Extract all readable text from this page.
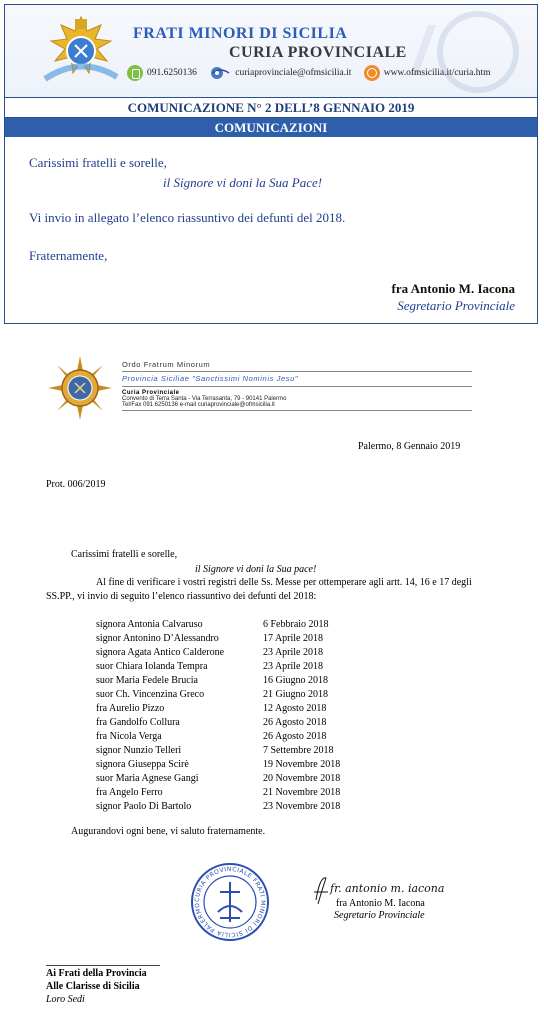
FRATI MINORI DI SICILIA
CURIA PROVINCIALE
091.6250136
	curiaprovinciale@ofmsicilia.it
	www.ofmsicilia.it/curia.htm
COMUNICAZIONE N° 2 DELL’8 GENNAIO 2019
COMUNICAZIONI
Carissimi fratelli e sorelle,
il Signore vi doni la Sua Pace!
Vi invio in allegato l’elenco riassuntivo dei defunti del 2018.
Fraternamente,
fra Antonio M. Iacona
Segretario Provinciale
Ordo Fratrum Minorum
Provincia Siciliae "Sanctissimi Nominis Jesu"
Curia Provinciale
Convento di Terra Santa - Via Terrasanta, 79 - 90141 Palermo
Tel/Fax 091 6250136 e-mail curiaprovinciale@ofmsicilia.it
Palermo, 8 Gennaio 2019
Prot. 006/2019
Carissimi fratelli e sorelle,
il Signore vi doni la Sua pace!
Al fine di verificare i vostri registri delle Ss. Messe per ottemperare agli artt. 14, 16 e 17 degli
SS.PP., vi invio di seguito l’elenco riassuntivo dei defunti del 2018:
signora Antonia Calvaruso	6 Febbraio 2018
signor Antonino D’Alessandro	17 Aprile 2018
signora Agata Antico Calderone	23 Aprile 2018
suor Chiara Iolanda Tempra	23 Aprile 2018
suor Maria Fedele Brucia	16 Giugno 2018
suor Ch. Vincenzina Greco	21 Giugno 2018
fra Aurelio Pizzo	12 Agosto 2018
fra Gandolfo Collura	26 Agosto 2018
fra Nicola Verga	26 Agosto 2018
signor Nunzio Telleri	7 Settembre 2018
signora Giuseppa Scirè	19 Novembre 2018
suor Maria Agnese Gangi	20 Novembre 2018
fra Angelo Ferro	21 Novembre 2018
signor Paolo Di Bartolo	23 Novembre 2018
Augurandovi ogni bene, vi saluto fraternamente.
CURIA PROVINCIALE FRATI MINORI DI SICILIA PALERMO
fr. antonio m. iacona
fra Antonio M. Iacona
Segretario Provinciale
Ai Frati della Provincia
Alle Clarisse di Sicilia
Loro Sedi
